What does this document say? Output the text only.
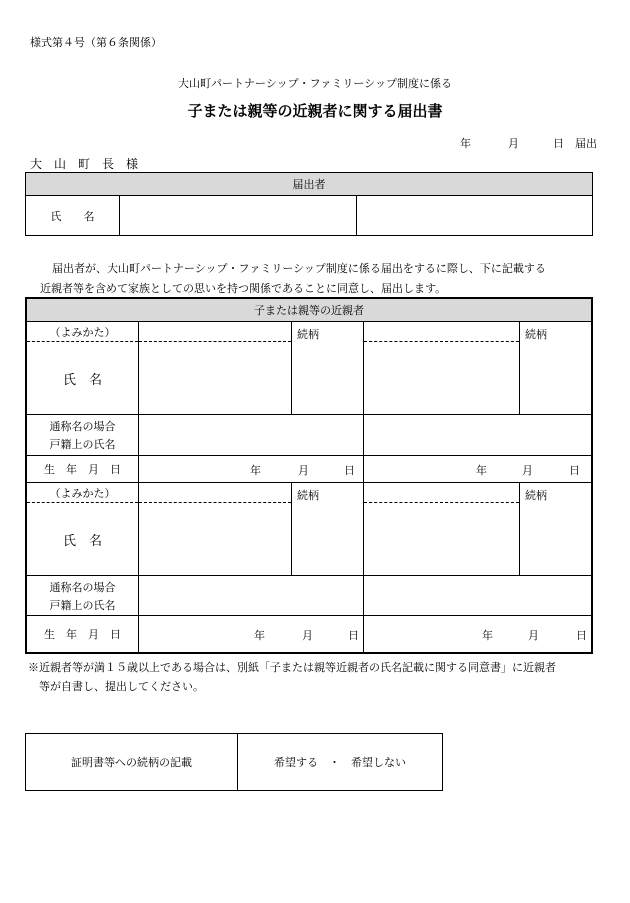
様式第４号（第６条関係）
大山町パートナーシップ・ファミリーシップ制度に係る
子または親等の近親者に関する届出書
年	月	日 届出
大　山　町　長　様
届出者
氏　　名
届出者が、大山町パートナーシップ・ファミリーシップ制度に係る届出をするに際し、下に記載する
近親者等を含めて家族としての思いを持つ関係であることに同意し、届出します。
子または親等の近親者
（よみかた）
氏　名
続柄	続柄
通称名の場合
戸籍上の氏名
生　年　月　日	年	月	日	年	月	日
（よみかた）
氏　名
続柄	続柄
通称名の場合
戸籍上の氏名
生　年　月　日	年	月	日	年	月	日
※近親者等が満１５歳以上である場合は、別紙「子または親等近親者の氏名記載に関する同意書」に近親者
　等が自書し、提出してください。
証明書等への続柄の記載	希望する　・　希望しない
